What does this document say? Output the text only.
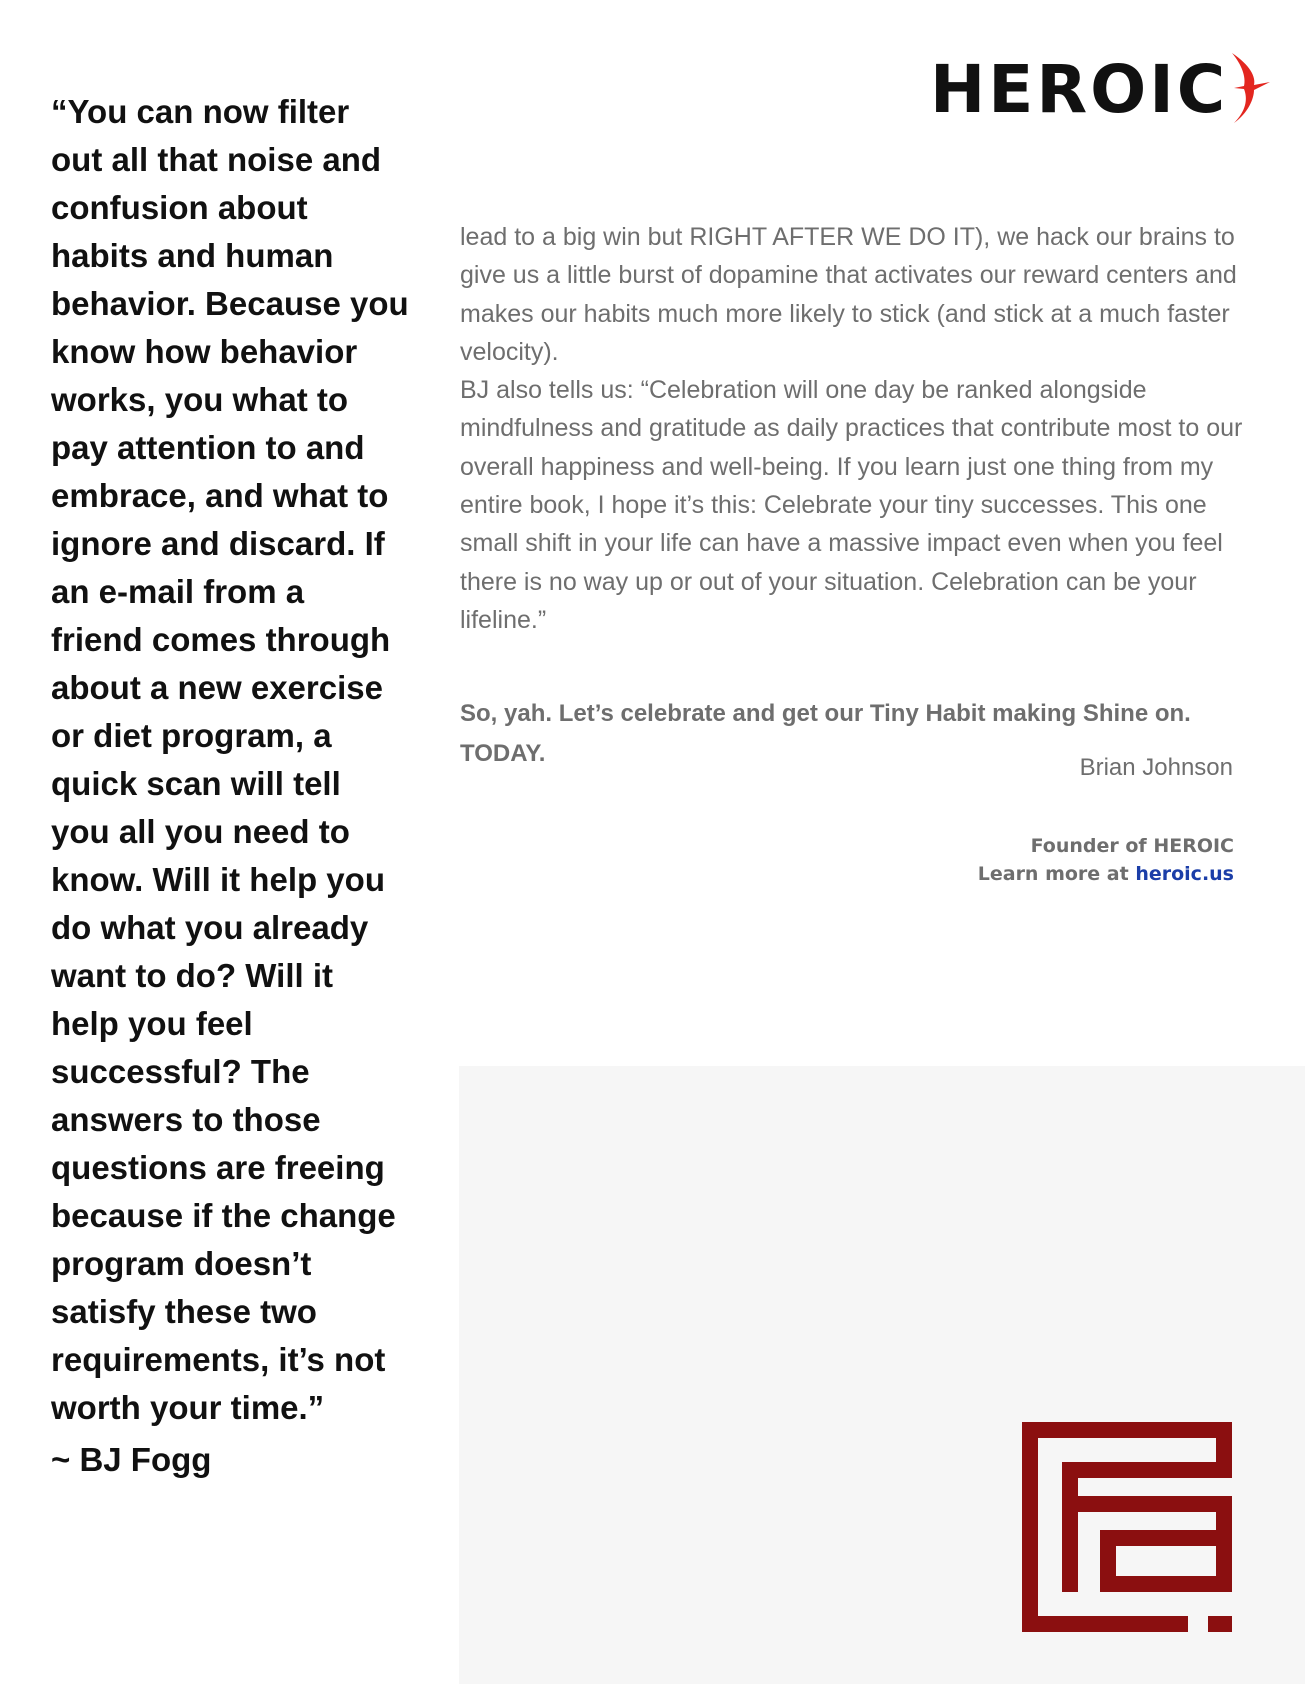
“You can now filter
out all that noise and
confusion about
habits and human
behavior. Because you
know how behavior
works, you what to
pay attention to and
embrace, and what to
ignore and discard. If
an e-mail from a
friend comes through
about a new exercise
or diet program, a
quick scan will tell
you all you need to
know. Will it help you
do what you already
want to do? Will it
help you feel
successful? The
answers to those
questions are freeing
because if the change
program doesn’t
satisfy these two
requirements, it’s not
worth your time.”
~ BJ Fogg
HEROIC

lead to a big win but RIGHT AFTER WE DO IT), we hack our brains to give us a little burst of dopamine that activates our reward centers and makes our habits much more likely to stick (and stick at a much faster velocity).

BJ also tells us: “Celebration will one day be ranked alongside mindfulness and gratitude as daily practices that contribute most to our overall happiness and well-being. If you learn just one thing from my entire book, I hope it’s this: Celebrate your tiny successes. This one small shift in your life can have a massive impact even when you feel there is no way up or out of your situation. Celebration can be your lifeline.”

So, yah. Let’s celebrate and get our Tiny Habit making Shine on.
TODAY.
Brian Johnson
Founder of HEROIC
Learn more at heroic.us
